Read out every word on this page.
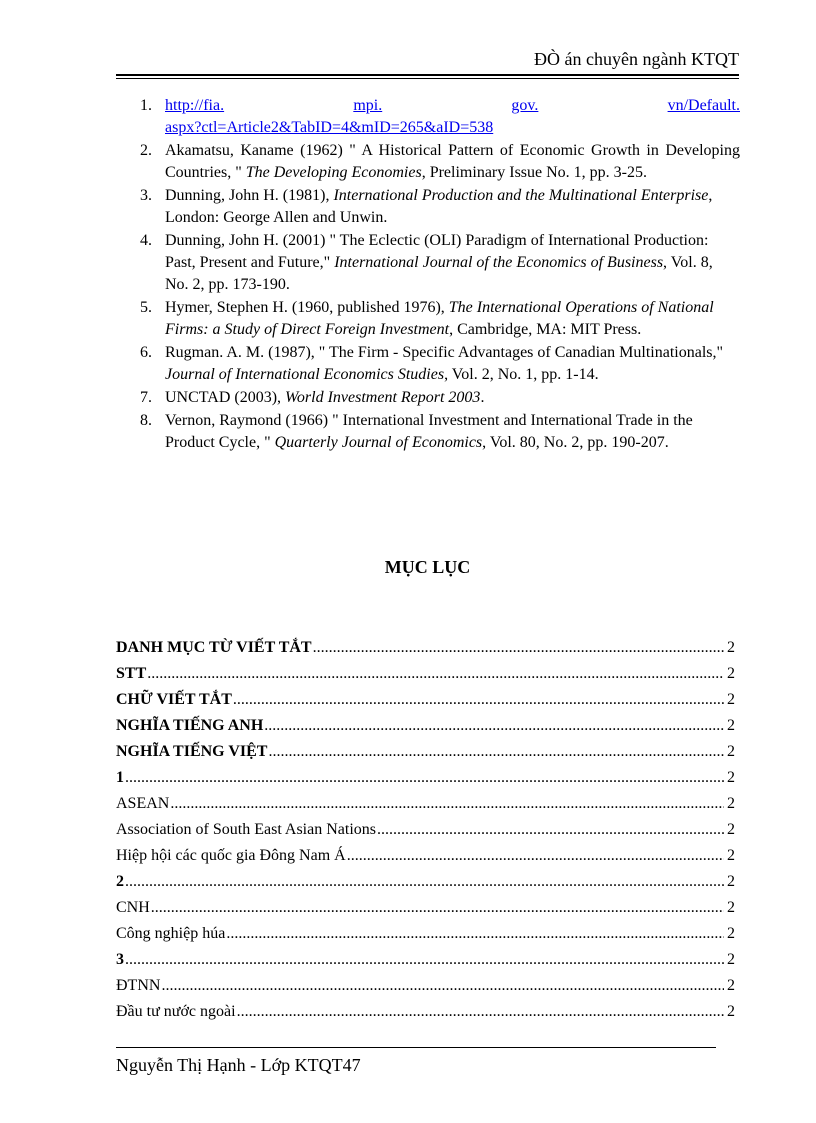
ĐÒ án chuyên ngành KTQT
1. http://fia.	mpi.	gov.	vn/Default.
aspx?ctl=Article2&TabID=4&mID=265&aID=538
2. Akamatsu, Kaname (1962) " A Historical Pattern of Economic Growth in Developing Countries, " The Developing Economies, Preliminary Issue No. 1, pp. 3-25.
3. Dunning, John H. (1981), International Production and the Multinational Enterprise, London: George Allen and Unwin.
4. Dunning, John H. (2001) " The Eclectic (OLI) Paradigm of International Production: Past, Present and Future," International Journal of the Economics of Business, Vol. 8, No. 2, pp. 173-190.
5. Hymer, Stephen H. (1960, published 1976), The International Operations of National Firms: a Study of Direct Foreign Investment, Cambridge, MA: MIT Press.
6. Rugman. A. M. (1987), " The Firm - Specific Advantages of Canadian Multinationals," Journal of International Economics Studies, Vol. 2, No. 1, pp. 1-14.
7. UNCTAD (2003), World Investment Report 2003.
8. Vernon, Raymond (1966) " International Investment and International Trade in the Product Cycle, " Quarterly Journal of Economics, Vol. 80, No. 2, pp. 190-207.
MỤC LỤC
DANH MỤC TỪ VIẾT TẮT .....	2
STT .....	2
CHỮ VIẾT TẮT .....	2
NGHĨA TIẾNG ANH .....	2
NGHĨA TIẾNG VIỆT .....	2
1 .....	2
ASEAN .....	2
Association of South East Asian Nations .....	2
Hiệp hội các quốc gia Đông Nam Á .....	2
2 .....	2
CNH .....	2
Công nghiệp húa .....	2
3 .....	2
ĐTNN .....	2
Đầu tư nước ngoài .....	2
Nguyễn Thị Hạnh - Lớp KTQT47
